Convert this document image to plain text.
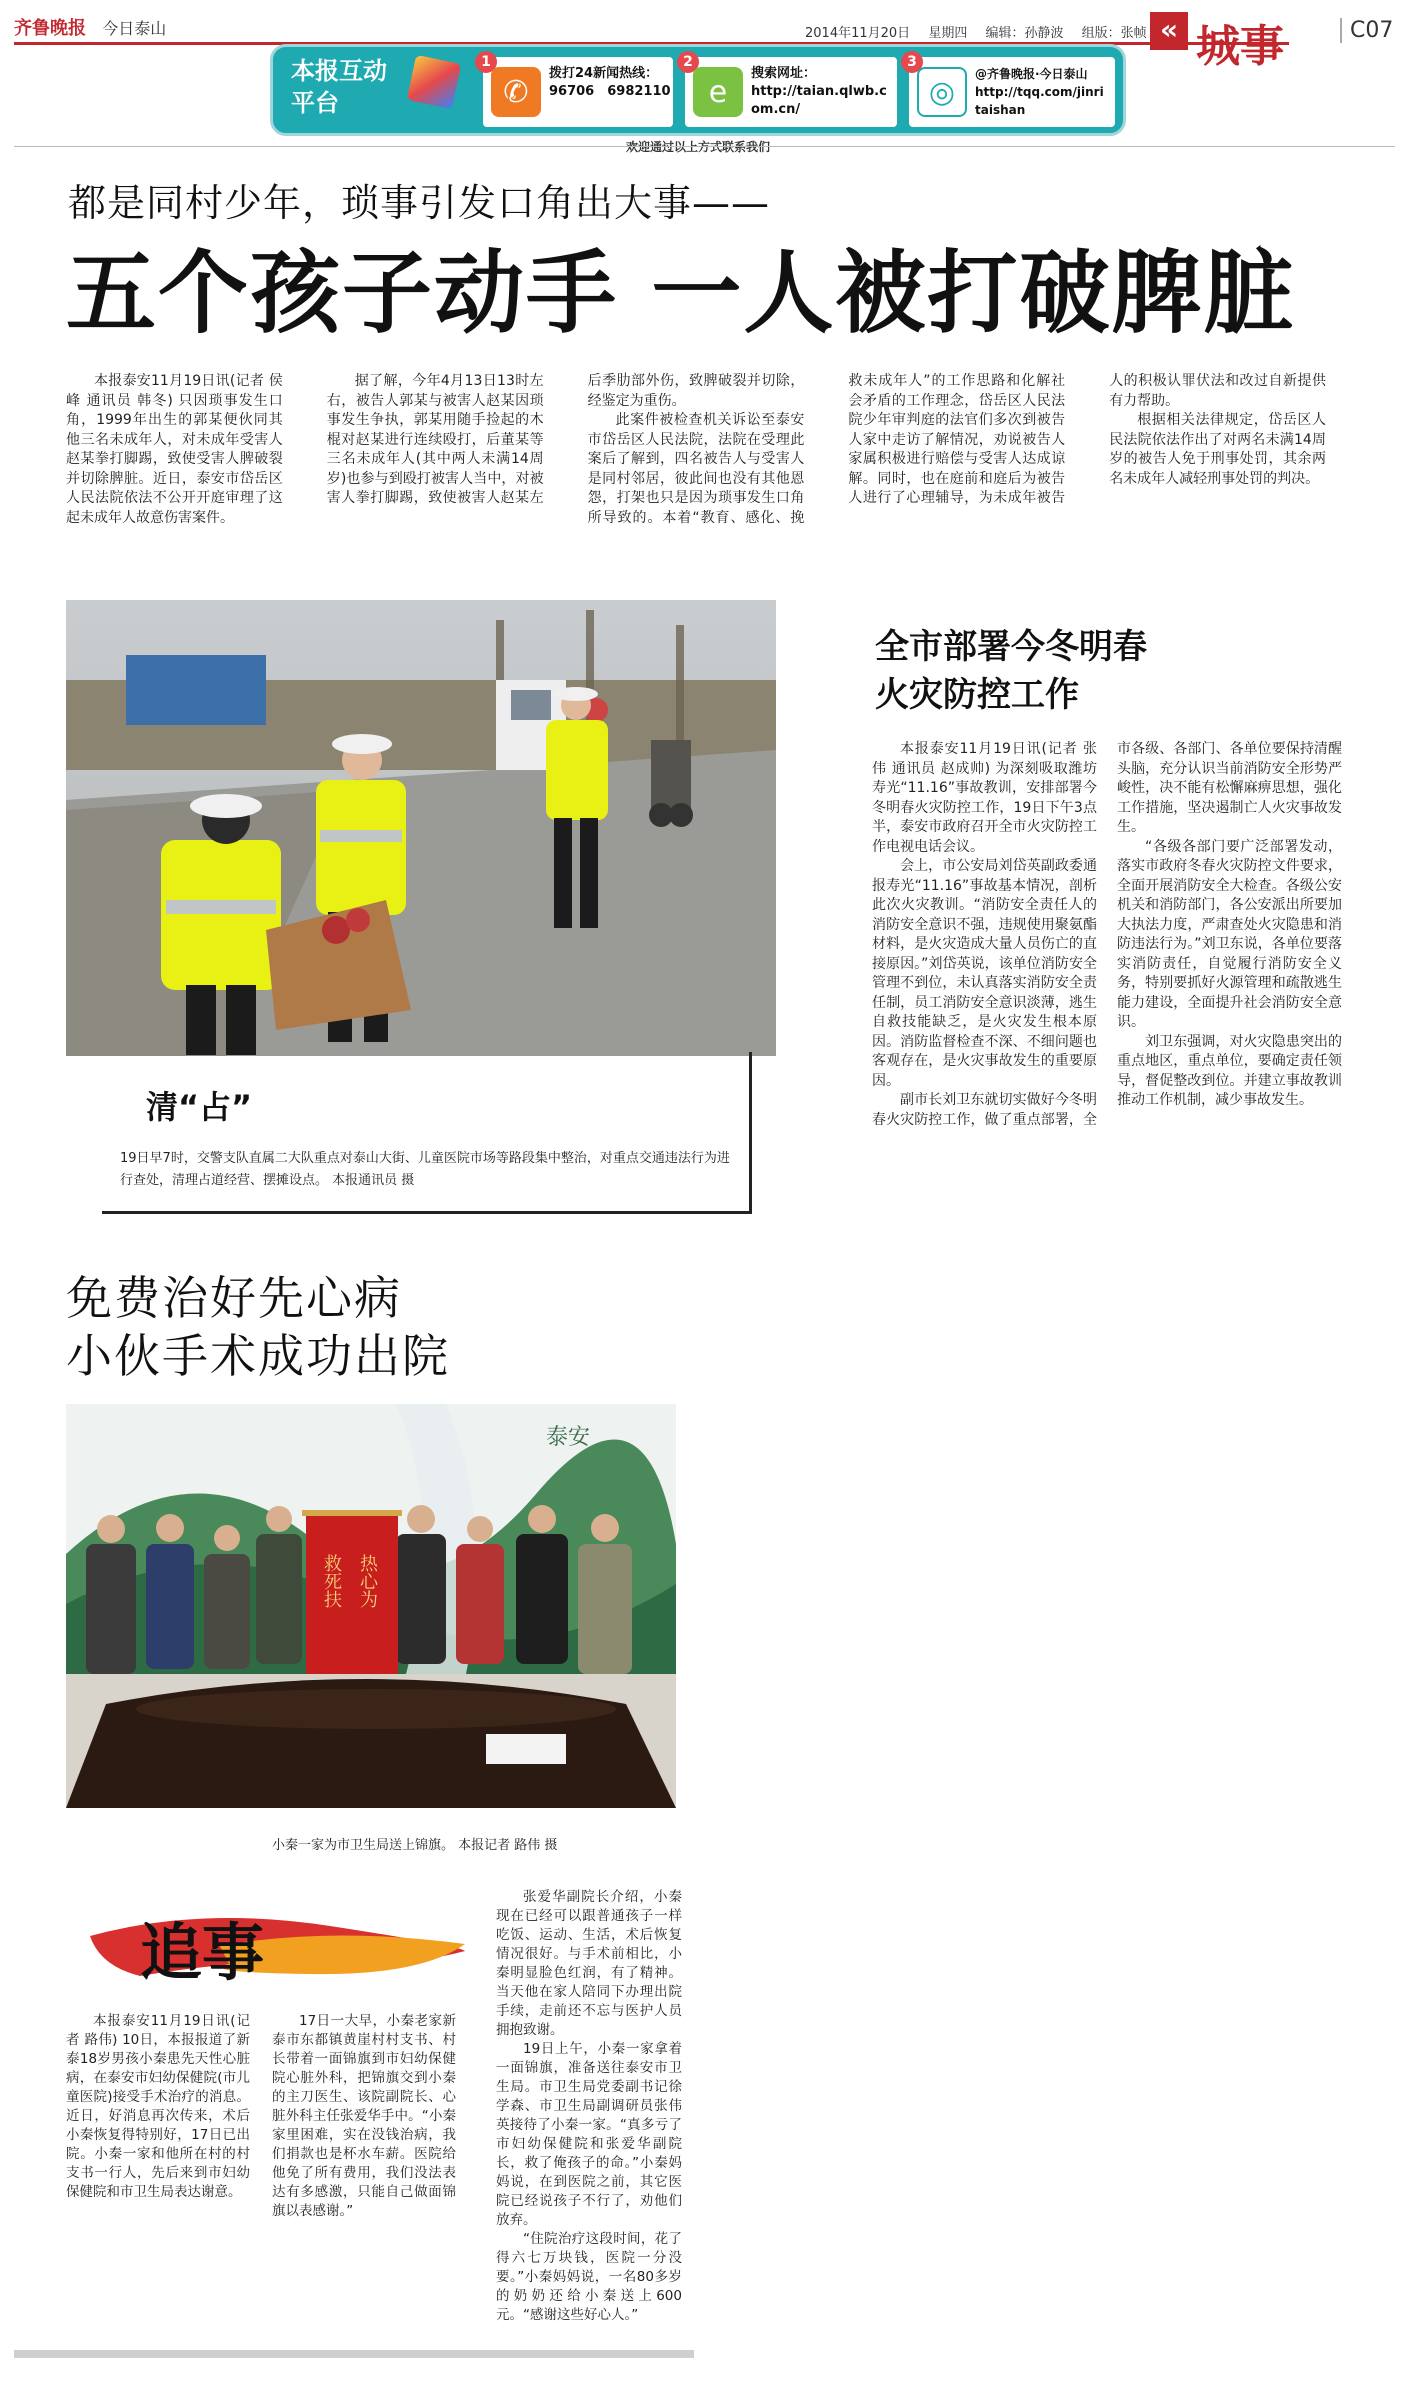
齐鲁晚报 今日泰山	2014年11月20日 星期四 编辑：孙静波 组版：张帧 « 城事	C07
本报互动平台
1
✆
拨打24新闻热线：
96706　6982110
2
e
搜索网址：
http://taian.qlwb.com.cn/
3
◎
@齐鲁晚报·今日泰山
http://tqq.com/jinritaishan
欢迎通过以上方式联系我们
都是同村少年，琐事引发口角出大事——
五个孩子动手 一人被打破脾脏

本报泰安11月19日讯(记者 侯峰 通讯员 韩冬) 只因琐事发生口角，1999年出生的郭某便伙同其他三名未成年人，对未成年受害人赵某拳打脚踢，致使受害人脾破裂并切除脾脏。近日，泰安市岱岳区人民法院依法不公开开庭审理了这起未成年人故意伤害案件。

据了解，今年4月13日13时左右，被告人郭某与被害人赵某因琐事发生争执，郭某用随手捡起的木棍对赵某进行连续殴打，后董某等三名未成年人(其中两人未满14周岁)也参与到殴打被害人当中，对被害人拳打脚踢，致使被害人赵某左后季肋部外伤，致脾破裂并切除，经鉴定为重伤。

此案件被检查机关诉讼至泰安市岱岳区人民法院，法院在受理此案后了解到，四名被告人与受害人是同村邻居，彼此间也没有其他恩怨，打架也只是因为琐事发生口角所导致的。本着“教育、感化、挽救未成年人”的工作思路和化解社会矛盾的工作理念，岱岳区人民法院少年审判庭的法官们多次到被告人家中走访了解情况，劝说被告人家属积极进行赔偿与受害人达成谅解。同时，也在庭前和庭后为被告人进行了心理辅导，为未成年被告人的积极认罪伏法和改过自新提供有力帮助。

根据相关法律规定，岱岳区人民法院依法作出了对两名未满14周岁的被告人免于刑事处罚，其余两名未成年人减轻刑事处罚的判决。

清“占”
19日早7时，交警支队直属二大队重点对泰山大街、儿童医院市场等路段集中整治，对重点交通违法行为进行查处，清理占道经营、摆摊设点。 本报通讯员 摄
全市部署今冬明春
火灾防控工作

本报泰安11月19日讯(记者 张伟 通讯员 赵成帅) 为深刻吸取潍坊寿光“11.16”事故教训，安排部署今冬明春火灾防控工作，19日下午3点半，泰安市政府召开全市火灾防控工作电视电话会议。

会上，市公安局刘岱英副政委通报寿光“11.16”事故基本情况，剖析此次火灾教训。“消防安全责任人的消防安全意识不强，违规使用聚氨酯材料，是火灾造成大量人员伤亡的直接原因。”刘岱英说，该单位消防安全管理不到位，未认真落实消防安全责任制，员工消防安全意识淡薄，逃生自救技能缺乏，是火灾发生根本原因。消防监督检查不深、不细问题也客观存在，是火灾事故发生的重要原因。

副市长刘卫东就切实做好今冬明春火灾防控工作，做了重点部署，全市各级、各部门、各单位要保持清醒头脑，充分认识当前消防安全形势严峻性，决不能有松懈麻痹思想，强化工作措施，坚决遏制亡人火灾事故发生。

“各级各部门要广泛部署发动，落实市政府冬春火灾防控文件要求，全面开展消防安全大检查。各级公安机关和消防部门，各公安派出所要加大执法力度，严肃查处火灾隐患和消防违法行为。”刘卫东说，各单位要落实消防责任，自觉履行消防安全义务，特别要抓好火源管理和疏散逃生能力建设，全面提升社会消防安全意识。

刘卫东强调，对火灾隐患突出的重点地区，重点单位，要确定责任领导，督促整改到位。并建立事故教训推动工作机制，减少事故发生。

免费治好先心病
小伙手术成功出院
泰安
救死扶 热心为
小秦一家为市卫生局送上锦旗。 本报记者 路伟 摄
追事

本报泰安11月19日讯(记者 路伟) 10日，本报报道了新泰18岁男孩小秦患先天性心脏病，在泰安市妇幼保健院(市儿童医院)接受手术治疗的消息。近日，好消息再次传来，术后小秦恢复得特别好，17日已出院。小秦一家和他所在村的村支书一行人，先后来到市妇幼保健院和市卫生局表达谢意。

17日一大早，小秦老家新泰市东都镇黄崖村村支书、村长带着一面锦旗到市妇幼保健院心脏外科，把锦旗交到小秦的主刀医生、该院副院长、心脏外科主任张爱华手中。“小秦家里困难，实在没钱治病，我们捐款也是杯水车薪。医院给他免了所有费用，我们没法表达有多感激，只能自己做面锦旗以表感谢。”

张爱华副院长介绍，小秦现在已经可以跟普通孩子一样吃饭、运动、生活，术后恢复情况很好。与手术前相比，小秦明显脸色红润，有了精神。当天他在家人陪同下办理出院手续，走前还不忘与医护人员拥抱致谢。

19日上午，小秦一家拿着一面锦旗，准备送往泰安市卫生局。市卫生局党委副书记徐学森、市卫生局副调研员张伟英接待了小秦一家。“真多亏了市妇幼保健院和张爱华副院长，救了俺孩子的命。”小秦妈妈说，在到医院之前，其它医院已经说孩子不行了，劝他们放弃。

“住院治疗这段时间，花了得六七万块钱，医院一分没要。”小秦妈妈说，一名80多岁的奶奶还给小秦送上600元。“感谢这些好心人。”
